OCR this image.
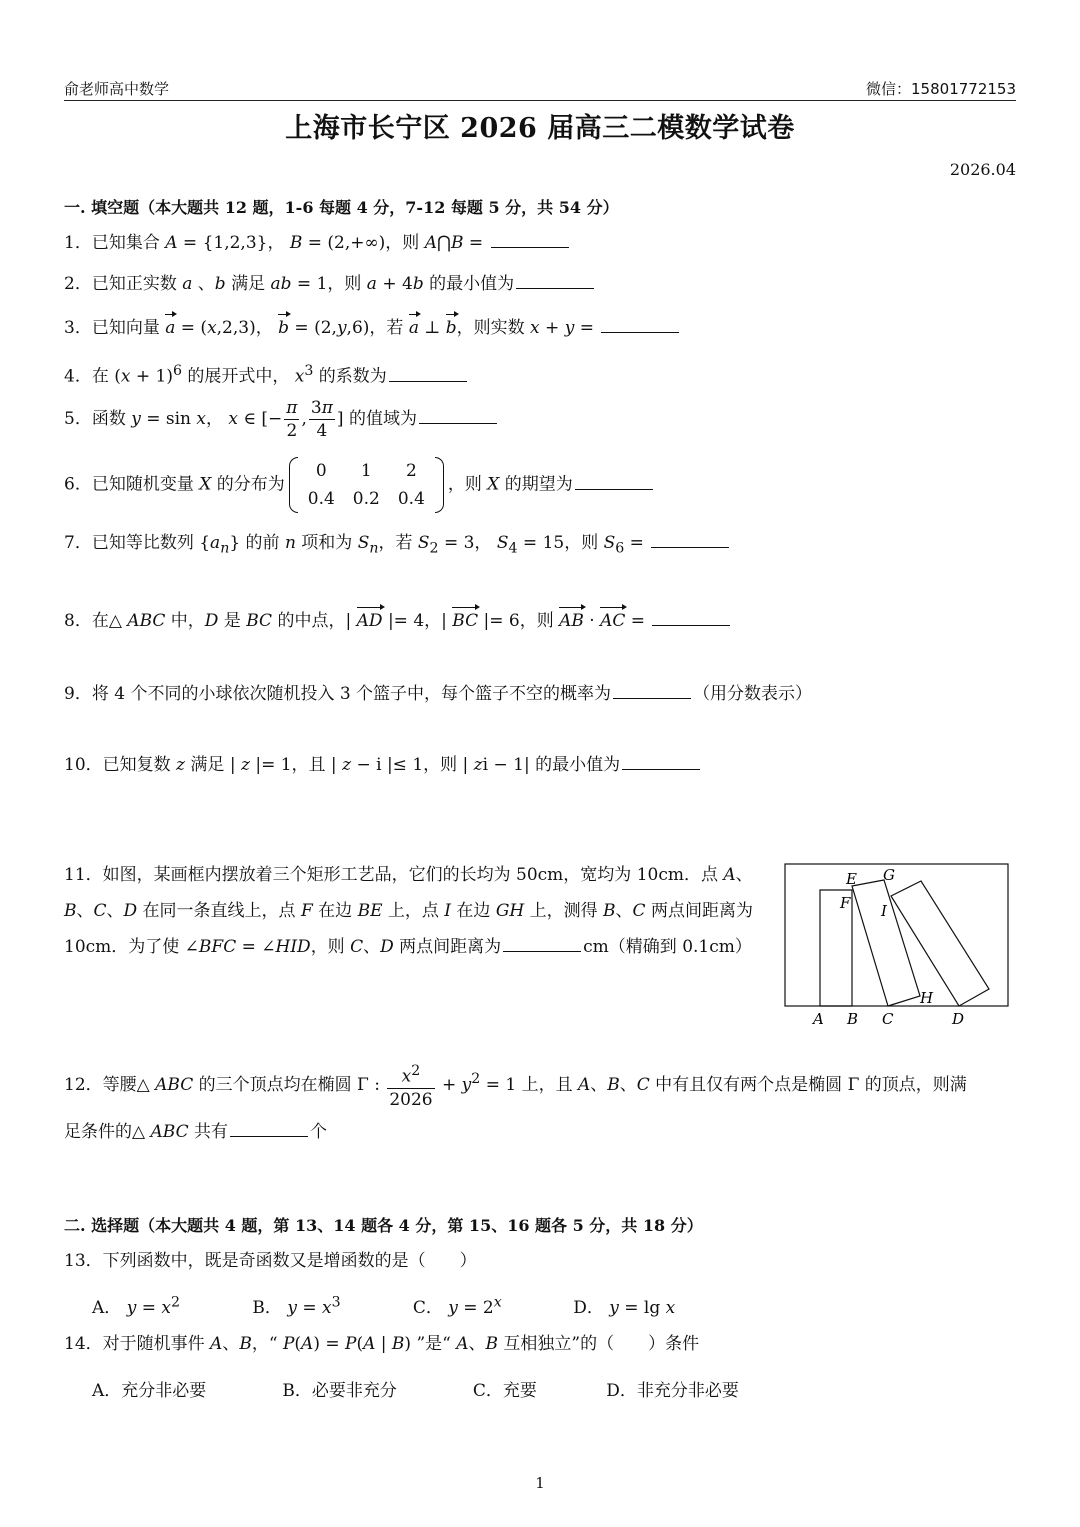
俞老师高中数学	微信：15801772153
上海市长宁区 2026 届高三二模数学试卷
2026.04
一. 填空题（本大题共 12 题，1-6 每题 4 分，7-12 每题 5 分，共 54 分）
1．已知集合 A = {1,2,3}， B = (2,+∞)，则 A⋂B =
2．已知正实数 a 、b 满足 ab = 1，则 a + 4b 的最小值为
3．已知向量 a = (x,2,3)， b = (2,y,6)，若 a ⊥ b，则实数 x + y =
4．在 $(x + 1)^6$ 的展开式中， $x^3$ 的系数为
5．函数 y = sin x， x ∈ [− $\frac{\pi}{2}$ , $\frac{3\pi}{4}$ ] 的值域为
6．已知随机变量 X 的分布为
0	1	2
0.4	0.2	0.4
，则 X 的期望为
7．已知等比数列 $\{a_n\}$ 的前 n 项和为 $S_n$，若 $S_2 = 3$， $S_4 = 15$，则 $S_6$ =
8．在△ ABC 中，D 是 BC 的中点，| AD |= 4，| BC |= 6，则 AB · AC =
9．将 4 个不同的小球依次随机投入 3 个篮子中，每个篮子不空的概率为	（用分数表示）
10．已知复数 z 满足 | z |= 1，且 | z − i |≤ 1，则 | zi − 1| 的最小值为
11．如图，某画框内摆放着三个矩形工艺品，它们的长均为 50cm，宽均为 10cm．点 A、B、C、D 在同一条直线上，点 F 在边 BE 上，点 I 在边 GH 上，测得 B、C 两点间距离为 10cm．为了使 ∠BFC = ∠HID，则 C、D 两点间距离为	cm（精确到 0.1cm）
E G
F I
H
A B C	D
12．等腰△ ABC 的三个顶点均在椭圆 Γ : $\frac{x^2}{2026} + y^2 = 1$ 上，且 A、B、C 中有且仅有两个点是椭圆 Γ 的顶点，则满
足条件的△ ABC 共有	个
二. 选择题（本大题共 4 题，第 13、14 题各 4 分，第 15、16 题各 5 分，共 18 分）
13．下列函数中，既是奇函数又是增函数的是（　　）
A． $y = x^2$	B． $y = x^3$	C． $y = 2^x$	D． y = lg x
14．对于随机事件 A、B，“ P(A) = P(A | B) ”是“ A、B 互相独立”的（　　）条件
A．充分非必要	B．必要非充分	C．充要	D．非充分非必要
1
